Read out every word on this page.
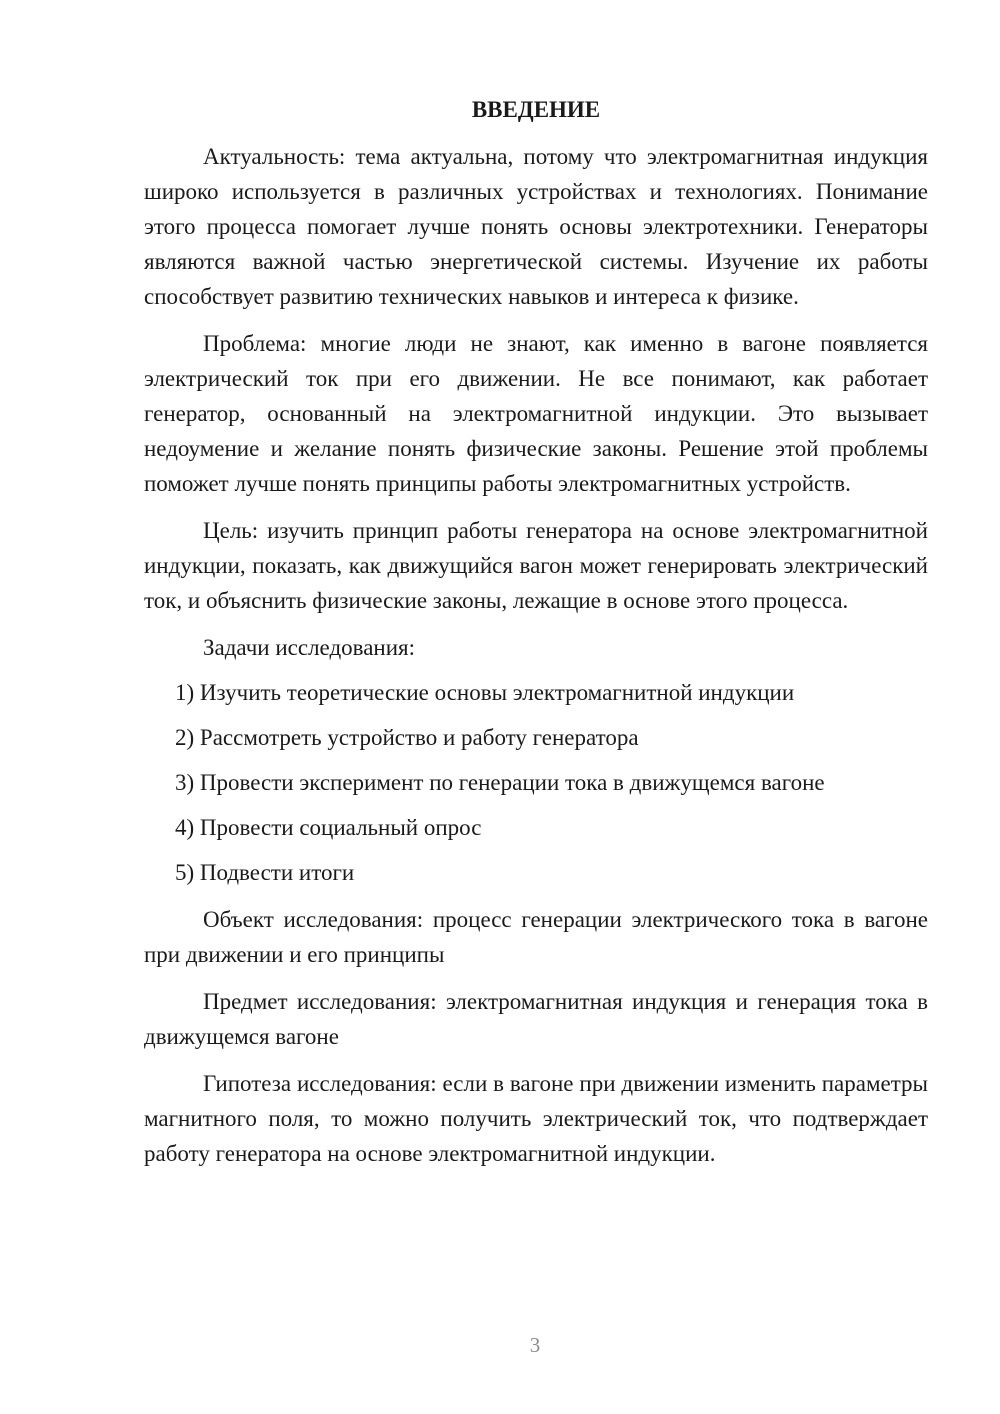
ВВЕДЕНИЕ

Актуальность: тема актуальна, потому что электромагнитная индукция широко используется в различных устройствах и технологиях. Понимание этого процесса помогает лучше понять основы электротехники. Генераторы являются важной частью энергетической системы. Изучение их работы способствует развитию технических навыков и интереса к физике.

Проблема: многие люди не знают, как именно в вагоне появляется электрический ток при его движении. Не все понимают, как работает генератор, основанный на электромагнитной индукции. Это вызывает недоумение и желание понять физические законы. Решение этой проблемы поможет лучше понять принципы работы электромагнитных устройств.

Цель: изучить принцип работы генератора на основе электромагнитной индукции, показать, как движущийся вагон может генерировать электрический ток, и объяснить физические законы, лежащие в основе этого процесса.

Задачи исследования:

1) Изучить теоретические основы электромагнитной индукции
2) Рассмотреть устройство и работу генератора
3) Провести эксперимент по генерации тока в движущемся вагоне
4) Провести социальный опрос
5) Подвести итоги

Объект исследования: процесс генерации электрического тока в вагоне при движении и его принципы

Предмет исследования: электромагнитная индукция и генерация тока в движущемся вагоне

Гипотеза исследования: если в вагоне при движении изменить параметры магнитного поля, то можно получить электрический ток, что подтверждает работу генератора на основе электромагнитной индукции.

3
